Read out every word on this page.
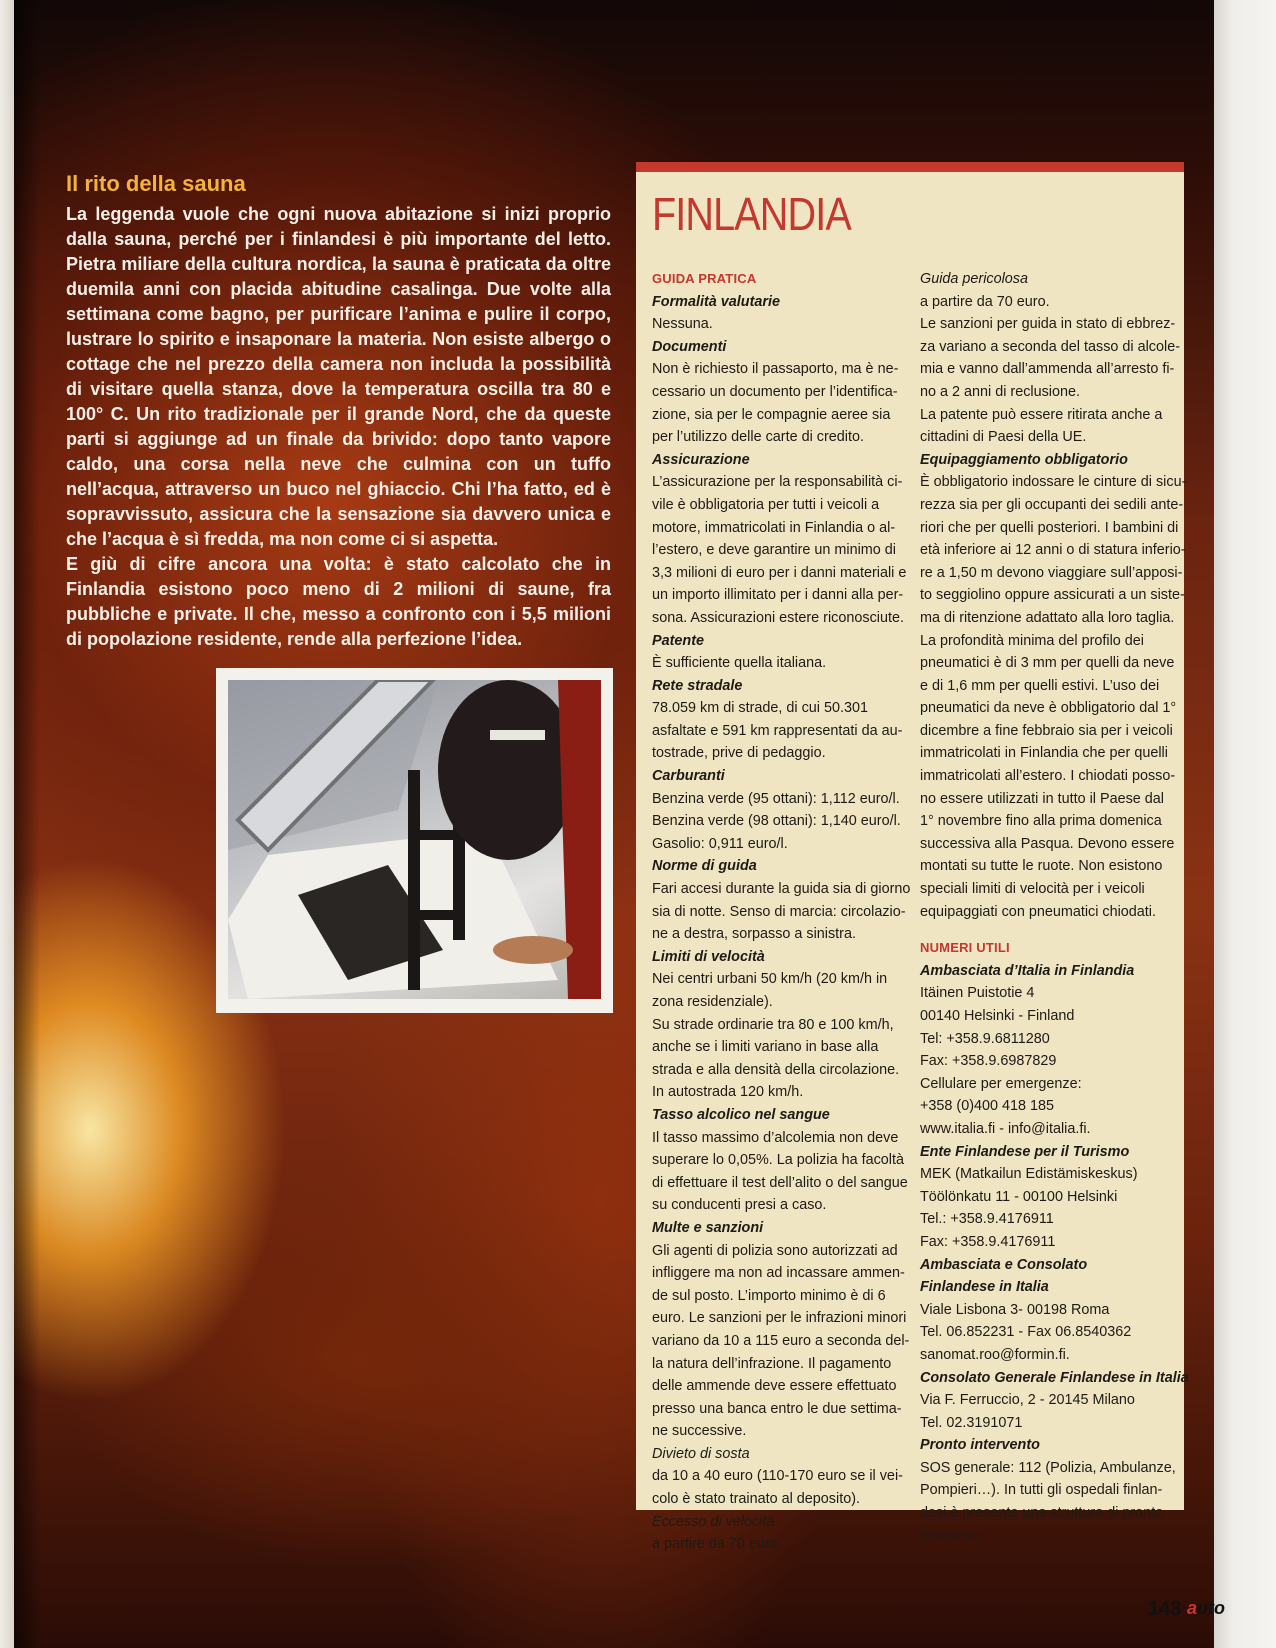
Il rito della sauna

La leggenda vuole che ogni nuova abitazione si inizi proprio dalla sauna, perché per i finlandesi è più importante del letto. Pietra miliare della cultura nordica, la sauna è praticata da oltre duemila anni con placida abitudine casalinga. Due volte alla settimana come bagno, per purificare l’anima e pulire il corpo, lustrare lo spirito e insaponare la materia. Non esiste albergo o cottage che nel prezzo della camera non includa la possibilità di visitare quella stanza, dove la temperatura oscilla tra 80 e 100° C. Un rito tradizionale per il grande Nord, che da queste parti si aggiunge ad un finale da brivido: dopo tanto vapore caldo, una corsa nella neve che culmina con un tuffo nell’acqua, attraverso un buco nel ghiaccio. Chi l’ha fatto, ed è sopravvissuto, assicura che la sensazione sia davvero unica e che l’acqua è sì fredda, ma non come ci si aspetta.

E giù di cifre ancora una volta: è stato calcolato che in Finlandia esistono poco meno di 2 milioni di saune, fra pubbliche e private. Il che, messo a confronto con i 5,5 milioni di popolazione residente, rende alla perfezione l’idea.

FINLANDIA
GUIDA PRATICA
Formalità valutarie
Nessuna.
Documenti
Non è richiesto il passaporto, ma è ne-
cessario un documento per l’identifica-
zione, sia per le compagnie aeree sia
per l’utilizzo delle carte di credito.
Assicurazione
L’assicurazione per la responsabilità ci-
vile è obbligatoria per tutti i veicoli a
motore, immatricolati in Finlandia o al-
l’estero, e deve garantire un minimo di
3,3 milioni di euro per i danni materiali e
un importo illimitato per i danni alla per-
sona. Assicurazioni estere riconosciute.
Patente
È sufficiente quella italiana.
Rete stradale
78.059 km di strade, di cui 50.301
asfaltate e 591 km rappresentati da au-
tostrade, prive di pedaggio.
Carburanti
Benzina verde (95 ottani): 1,112 euro/l.
Benzina verde (98 ottani): 1,140 euro/l.
Gasolio: 0,911 euro/l.
Norme di guida
Fari accesi durante la guida sia di giorno
sia di notte. Senso di marcia: circolazio-
ne a destra, sorpasso a sinistra.
Limiti di velocità
Nei centri urbani 50 km/h (20 km/h in
zona residenziale).
Su strade ordinarie tra 80 e 100 km/h,
anche se i limiti variano in base alla
strada e alla densità della circolazione.
In autostrada 120 km/h.
Tasso alcolico nel sangue
Il tasso massimo d’alcolemia non deve
superare lo 0,05%. La polizia ha facoltà
di effettuare il test dell’alito o del sangue
su conducenti presi a caso.
Multe e sanzioni
Gli agenti di polizia sono autorizzati ad
infliggere ma non ad incassare ammen-
de sul posto. L’importo minimo è di 6
euro. Le sanzioni per le infrazioni minori
variano da 10 a 115 euro a seconda del-
la natura dell’infrazione. Il pagamento
delle ammende deve essere effettuato
presso una banca entro le due settima-
ne successive.
Divieto di sosta
da 10 a 40 euro (110-170 euro se il vei-
colo è stato trainato al deposito).
Eccesso di velocità
a partire da 70 euro.
Guida pericolosa
a partire da 70 euro.
Le sanzioni per guida in stato di ebbrez-
za variano a seconda del tasso di alcole-
mia e vanno dall’ammenda all’arresto fi-
no a 2 anni di reclusione.
La patente può essere ritirata anche a
cittadini di Paesi della UE.
Equipaggiamento obbligatorio
È obbligatorio indossare le cinture di sicu-
rezza sia per gli occupanti dei sedili ante-
riori che per quelli posteriori. I bambini di
età inferiore ai 12 anni o di statura inferio-
re a 1,50 m devono viaggiare sull’apposi-
to seggiolino oppure assicurati a un siste-
ma di ritenzione adattato alla loro taglia.
La profondità minima del profilo dei
pneumatici è di 3 mm per quelli da neve
e di 1,6 mm per quelli estivi. L’uso dei
pneumatici da neve è obbligatorio dal 1°
dicembre a fine febbraio sia per i veicoli
immatricolati in Finlandia che per quelli
immatricolati all’estero. I chiodati posso-
no essere utilizzati in tutto il Paese dal
1° novembre fino alla prima domenica
successiva alla Pasqua. Devono essere
montati su tutte le ruote. Non esistono
speciali limiti di velocità per i veicoli
equipaggiati con pneumatici chiodati.
NUMERI UTILI
Ambasciata d’Italia in Finlandia
Itäinen Puistotie 4
00140 Helsinki - Finland
Tel: +358.9.6811280
Fax: +358.9.6987829
Cellulare per emergenze:
+358 (0)400 418 185
www.italia.fi - info@italia.fi.
Ente Finlandese per il Turismo
MEK (Matkailun Edistämiskeskus)
Töölönkatu 11 - 00100 Helsinki
Tel.: +358.9.4176911
Fax: +358.9.4176911
Ambasciata e Consolato
Finlandese in Italia
Viale Lisbona 3- 00198 Roma
Tel. 06.852231 - Fax 06.8540362
sanomat.roo@formin.fi.
Consolato Generale Finlandese in Italia
Via F. Ferruccio, 2 - 20145 Milano
Tel. 02.3191071
Pronto intervento
SOS generale: 112 (Polizia, Ambulanze,
Pompieri…). In tutti gli ospedali finlan-
desi è presente una struttura di pronto
soccorso.
143 auto
